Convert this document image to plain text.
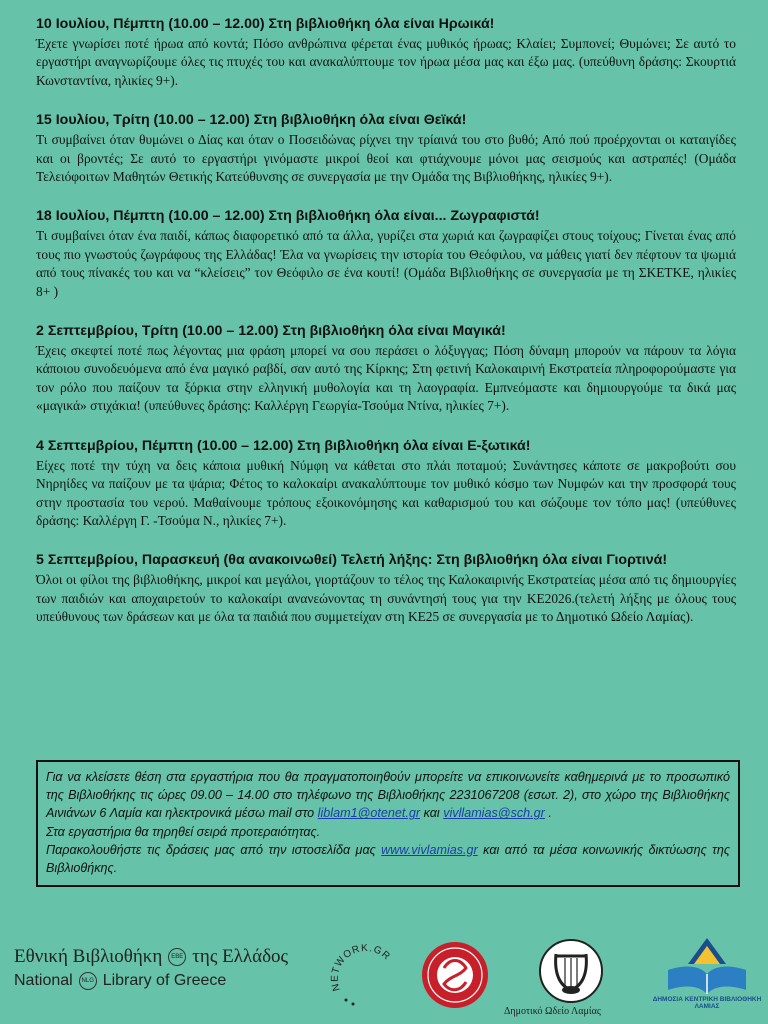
10 Ιουλίου, Πέμπτη (10.00 – 12.00) Στη βιβλιοθήκη όλα είναι Ηρωικά!

Έχετε γνωρίσει ποτέ ήρωα από κοντά; Πόσο ανθρώπινα φέρεται ένας μυθικός ήρωας; Κλαίει; Συμπονεί; Θυμώνει; Σε αυτό το εργαστήρι αναγνωρίζουμε όλες τις πτυχές του και ανακαλύπτουμε τον ήρωα μέσα μας και έξω μας. (υπεύθυνη δράσης: Σκουρτιά Κωνσταντίνα, ηλικίες 9+).

15 Ιουλίου, Τρίτη (10.00 – 12.00) Στη βιβλιοθήκη όλα είναι Θεϊκά!

Τι συμβαίνει όταν θυμώνει ο Δίας και όταν ο Ποσειδώνας ρίχνει την τρίαινά του στο βυθό; Από πού προέρχονται οι καταιγίδες και οι βροντές; Σε αυτό το εργαστήρι γινόμαστε μικροί θεοί και φτιάχνουμε μόνοι μας σεισμούς και αστραπές! (Ομάδα Τελειόφοιτων Μαθητών Θετικής Κατεύθυνσης σε συνεργασία με την Ομάδα της Βιβλιοθήκης, ηλικίες 9+).

18 Ιουλίου, Πέμπτη (10.00 – 12.00) Στη βιβλιοθήκη όλα είναι... Ζωγραφιστά!

Τι συμβαίνει όταν ένα παιδί, κάπως διαφορετικό από τα άλλα, γυρίζει στα χωριά και ζωγραφίζει στους τοίχους; Γίνεται ένας από τους πιο γνωστούς ζωγράφους της Ελλάδας! Έλα να γνωρίσεις την ιστορία του Θεόφιλου, να μάθεις γιατί δεν πέφτουν τα ψωμιά από τους πίνακές του και να “κλείσεις” τον Θεόφιλο σε ένα κουτί! (Ομάδα Βιβλιοθήκης σε συνεργασία με τη ΣΚΕΤΚΕ, ηλικίες 8+ )

2 Σεπτεμβρίου, Τρίτη (10.00 – 12.00) Στη βιβλιοθήκη όλα είναι Μαγικά!

Έχεις σκεφτεί ποτέ πως λέγοντας μια φράση μπορεί να σου περάσει ο λόξυγγας; Πόση δύναμη μπορούν να πάρουν τα λόγια κάποιου συνοδευόμενα από ένα μαγικό ραβδί, σαν αυτό της Κίρκης; Στη φετινή Καλοκαιρινή Εκστρατεία πληροφορούμαστε για τον ρόλο που παίζουν τα ξόρκια στην ελληνική μυθολογία και τη λαογραφία. Εμπνεόμαστε και δημιουργούμε τα δικά μας «μαγικά» στιχάκια! (υπεύθυνες δράσης: Καλλέργη Γεωργία-Τσούμα Ντίνα, ηλικίες 7+).

4 Σεπτεμβρίου, Πέμπτη (10.00 – 12.00) Στη βιβλιοθήκη όλα είναι Ε-ξωτικά!

Είχες ποτέ την τύχη να δεις κάποια μυθική Νύμφη να κάθεται στο πλάι ποταμού; Συνάντησες κάποτε σε μακροβούτι σου Νηρηίδες να παίζουν με τα ψάρια; Φέτος το καλοκαίρι ανακαλύπτουμε τον μυθικό κόσμο των Νυμφών και την προσφορά τους στην προστασία του νερού. Μαθαίνουμε τρόπους εξοικονόμησης και καθαρισμού του και σώζουμε τον τόπο μας! (υπεύθυνες δράσης: Καλλέργη Γ. -Τσούμα Ν., ηλικίες 7+).

5 Σεπτεμβρίου, Παρασκευή (θα ανακοινωθεί) Τελετή λήξης: Στη βιβλιοθήκη όλα είναι Γιορτινά!

Όλοι οι φίλοι της βιβλιοθήκης, μικροί και μεγάλοι, γιορτάζουν το τέλος της Καλοκαιρινής Εκστρατείας μέσα από τις δημιουργίες των παιδιών και αποχαιρετούν το καλοκαίρι ανανεώνοντας τη συνάντησή τους για την ΚΕ2026.(τελετή λήξης με όλους τους υπεύθυνους των δράσεων και με όλα τα παιδιά που συμμετείχαν στη ΚΕ25 σε συνεργασία με το Δημοτικό Ωδείο Λαμίας).

Για να κλείσετε θέση στα εργαστήρια που θα πραγματοποιηθούν μπορείτε να επικοινωνείτε καθημερινά με το προσωπικό της Βιβλιοθήκης τις ώρες 09.00 – 14.00 στο τηλέφωνο της Βιβλιοθήκης 2231067208 (εσωτ. 2), στο χώρο της Βιβλιοθήκης Αινιάνων 6 Λαμία και ηλεκτρονικά μέσω mail στο liblam1@otenet.gr και vivllamias@sch.gr .
Στα εργαστήρια θα τηρηθεί σειρά προτεραιότητας.
Παρακολουθήστε τις δράσεις μας από την ιστοσελίδα μας www.vivlamias.gr και από τα μέσα κοινωνικής δικτύωσης της Βιβλιοθήκης.
Εθνική Βιβλιοθήκη	ΕΒΕ της Ελλάδος
National	NLG Library of Greece	NETWORK.GR
Δημοτικό Ωδείο Λαμίας
ΔΗΜΟΣΙΑ ΚΕΝΤΡΙΚΗ ΒΙΒΛΙΟΘΗΚΗ ΛΑΜΙΑΣ
